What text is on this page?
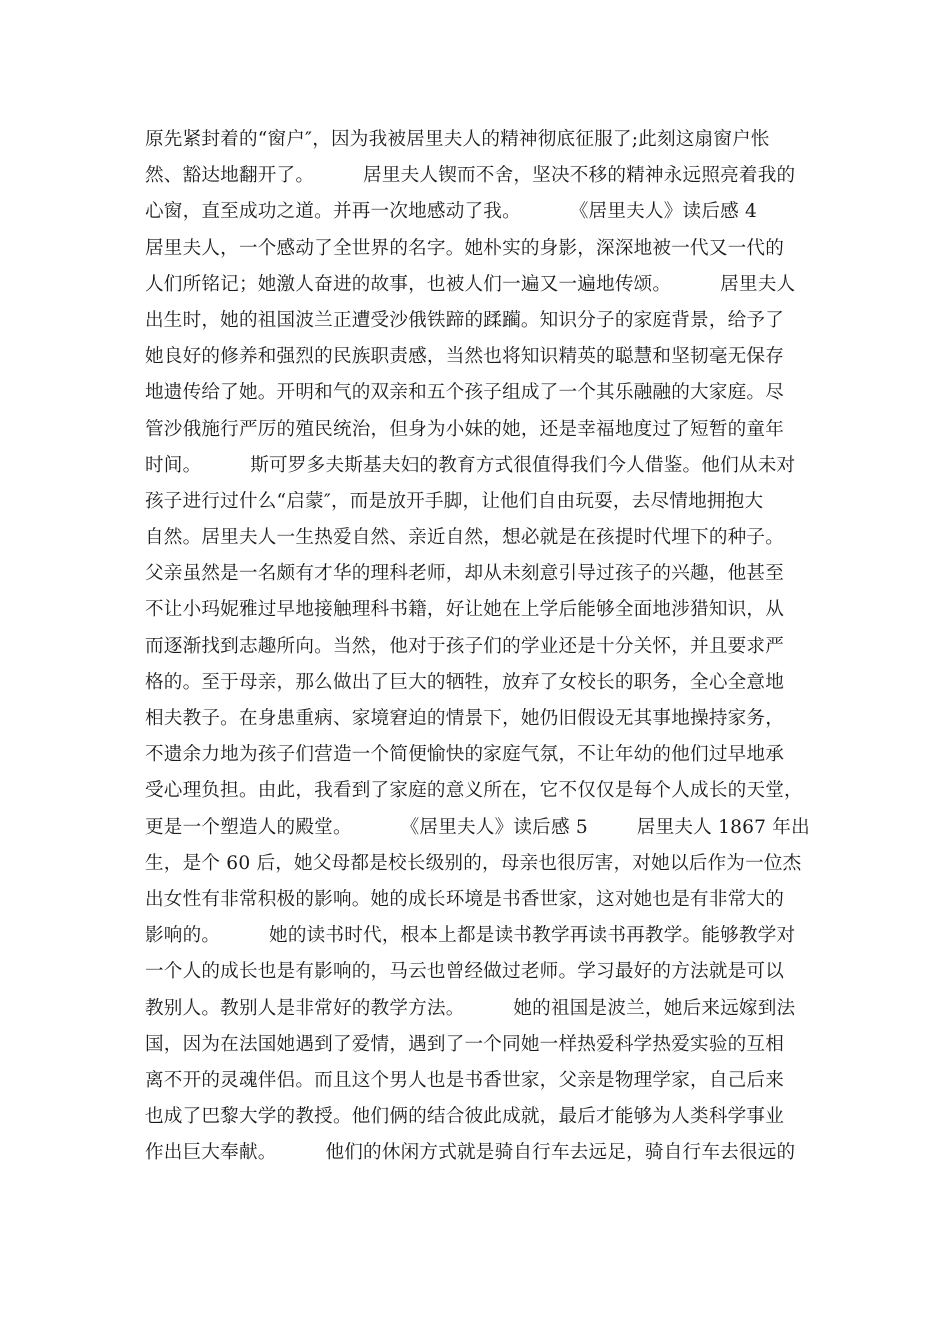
原先紧封着的“窗户″，因为我被居里夫人的精神彻底征服了;此刻这扇窗户怅
然、豁达地翻开了。        居里夫人锲而不舍，坚决不移的精神永远照亮着我的
心窗，直至成功之道。并再一次地感动了我。        《居里夫人》读后感 4
居里夫人，一个感动了全世界的名字。她朴实的身影，深深地被一代又一代的
人们所铭记；她激人奋进的故事，也被人们一遍又一遍地传颂。        居里夫人
出生时，她的祖国波兰正遭受沙俄铁蹄的蹂躏。知识分子的家庭背景，给予了
她良好的修养和强烈的民族职责感，当然也将知识精英的聪慧和坚韧毫无保存
地遗传给了她。开明和气的双亲和五个孩子组成了一个其乐融融的大家庭。尽
管沙俄施行严厉的殖民统治，但身为小妹的她，还是幸福地度过了短暂的童年
时间。        斯可罗多夫斯基夫妇的教育方式很值得我们今人借鉴。他们从未对
孩子进行过什么“启蒙″，而是放开手脚，让他们自由玩耍，去尽情地拥抱大
自然。居里夫人一生热爱自然、亲近自然，想必就是在孩提时代埋下的种子。
父亲虽然是一名颇有才华的理科老师，却从未刻意引导过孩子的兴趣，他甚至
不让小玛妮雅过早地接触理科书籍，好让她在上学后能够全面地涉猎知识，从
而逐渐找到志趣所向。当然，他对于孩子们的学业还是十分关怀，并且要求严
格的。至于母亲，那么做出了巨大的牺牲，放弃了女校长的职务，全心全意地
相夫教子。在身患重病、家境窘迫的情景下，她仍旧假设无其事地操持家务，
不遗余力地为孩子们营造一个简便愉快的家庭气氛，不让年幼的他们过早地承
受心理负担。由此，我看到了家庭的意义所在，它不仅仅是每个人成长的天堂，
更是一个塑造人的殿堂。        《居里夫人》读后感 5        居里夫人 1867 年出
生，是个 60 后，她父母都是校长级别的，母亲也很厉害，对她以后作为一位杰
出女性有非常积极的影响。她的成长环境是书香世家，这对她也是有非常大的
影响的。        她的读书时代，根本上都是读书教学再读书再教学。能够教学对
一个人的成长也是有影响的，马云也曾经做过老师。学习最好的方法就是可以
教别人。教别人是非常好的教学方法。        她的祖国是波兰，她后来远嫁到法
国，因为在法国她遇到了爱情，遇到了一个同她一样热爱科学热爱实验的互相
离不开的灵魂伴侣。而且这个男人也是书香世家，父亲是物理学家，自己后来
也成了巴黎大学的教授。他们俩的结合彼此成就，最后才能够为人类科学事业
作出巨大奉献。        他们的休闲方式就是骑自行车去远足，骑自行车去很远的
